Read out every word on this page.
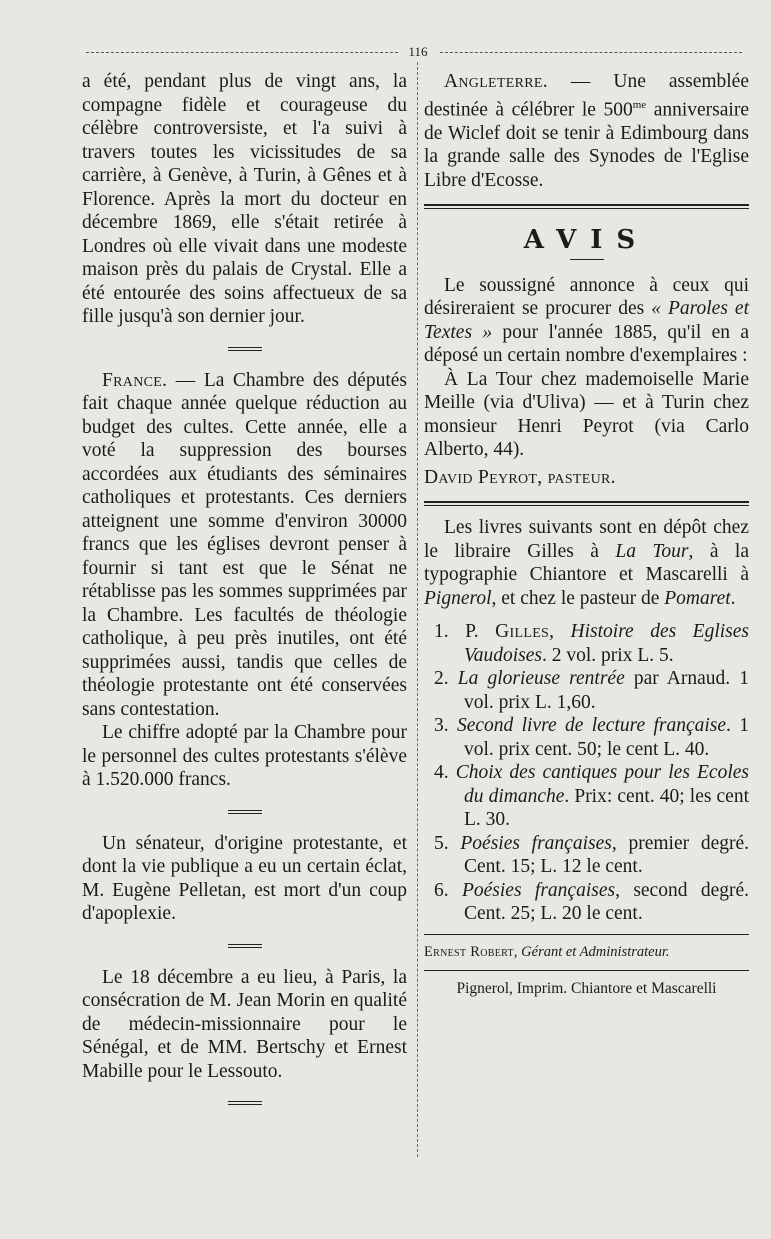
116

a été, pendant plus de vingt ans, la compagne fidèle et courageuse du célèbre controversiste, et l'a suivi à travers toutes les vicissitudes de sa carrière, à Genève, à Turin, à Gênes et à Florence. Après la mort du docteur en décembre 1869, elle s'était retirée à Londres où elle vivait dans une modeste maison près du palais de Crystal. Elle a été entourée des soins affectueux de sa fille jusqu'à son dernier jour.

France. — La Chambre des députés fait chaque année quelque réduction au budget des cultes. Cette année, elle a voté la suppression des bourses accordées aux étudiants des séminaires catholiques et protestants. Ces derniers atteignent une somme d'environ 30000 francs que les églises devront penser à fournir si tant est que le Sénat ne rétablisse pas les sommes supprimées par la Chambre. Les facultés de théologie catholique, à peu près inutiles, ont été supprimées aussi, tandis que celles de théologie protestante ont été conservées sans contestation.

Le chiffre adopté par la Chambre pour le personnel des cultes protestants s'élève à 1.520.000 francs.

Un sénateur, d'origine protestante, et dont la vie publique a eu un certain éclat, M. Eugène Pelletan, est mort d'un coup d'apoplexie.

Le 18 décembre a eu lieu, à Paris, la consécration de M. Jean Morin en qualité de médecin-missionnaire pour le Sénégal, et de MM. Bertschy et Ernest Mabille pour le Lessouto.

Angleterre. — Une assemblée destinée à célébrer le $500^{me}$ anniversaire de Wiclef doit se tenir à Edimbourg dans la grande salle des Synodes de l'Eglise Libre d'Ecosse.

AVIS

Le soussigné annonce à ceux qui désireraient se procurer des « Paroles et Textes » pour l'année 1885, qu'il en a déposé un certain nombre d'exemplaires :

À La Tour chez mademoiselle Marie Meille (via d'Uliva) — et à Turin chez monsieur Henri Peyrot (via Carlo Alberto, 44).

David Peyrot, pasteur.

Les livres suivants sont en dépôt chez le libraire Gilles à La Tour, à la typographie Chiantore et Mascarelli à Pignerol, et chez le pasteur de Pomaret.

1. P. Gilles, Histoire des Eglises Vaudoises. 2 vol. prix L. 5.

2. La glorieuse rentrée par Arnaud. 1 vol. prix L. 1,60.

3. Second livre de lecture française. 1 vol. prix cent. 50; le cent L. 40.

4. Choix des cantiques pour les Ecoles du dimanche. Prix: cent. 40; les cent L. 30.

5. Poésies françaises, premier degré. Cent. 15; L. 12 le cent.

6. Poésies françaises, second degré. Cent. 25; L. 20 le cent.

Ernest Robert, Gérant et Administrateur.

Pignerol, Imprim. Chiantore et Mascarelli
